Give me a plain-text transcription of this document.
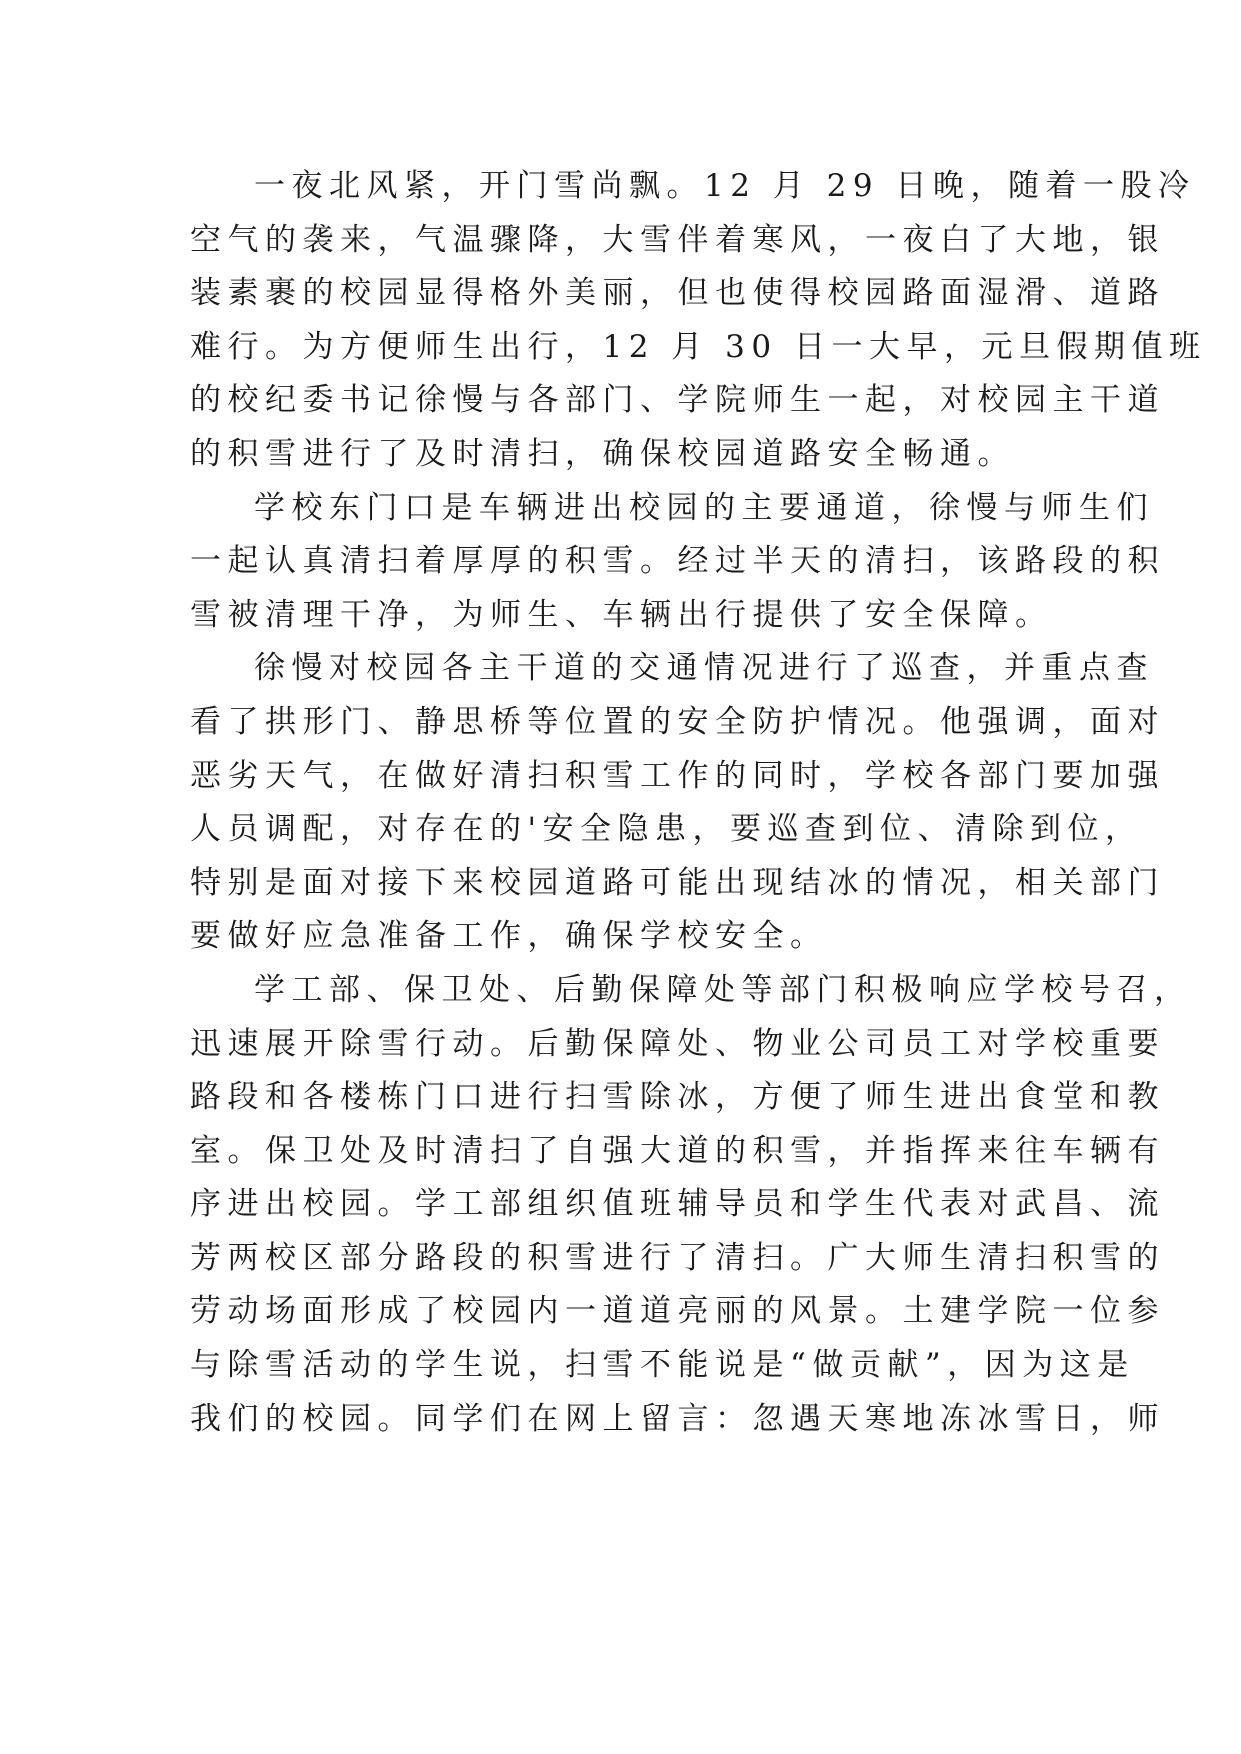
一夜北风紧，开门雪尚飘。12 月 29 日晚，随着一股冷
空气的袭来，气温骤降，大雪伴着寒风，一夜白了大地，银
装素裹的校园显得格外美丽，但也使得校园路面湿滑、道路
难行。为方便师生出行，12 月 30 日一大早，元旦假期值班
的校纪委书记徐慢与各部门、学院师生一起，对校园主干道
的积雪进行了及时清扫，确保校园道路安全畅通。
学校东门口是车辆进出校园的主要通道，徐慢与师生们
一起认真清扫着厚厚的积雪。经过半天的清扫，该路段的积
雪被清理干净，为师生、车辆出行提供了安全保障。
徐慢对校园各主干道的交通情况进行了巡查，并重点查
看了拱形门、静思桥等位置的安全防护情况。他强调，面对
恶劣天气，在做好清扫积雪工作的同时，学校各部门要加强
人员调配，对存在的'安全隐患，要巡查到位、清除到位，
特别是面对接下来校园道路可能出现结冰的情况，相关部门
要做好应急准备工作，确保学校安全。
学工部、保卫处、后勤保障处等部门积极响应学校号召，
迅速展开除雪行动。后勤保障处、物业公司员工对学校重要
路段和各楼栋门口进行扫雪除冰，方便了师生进出食堂和教
室。保卫处及时清扫了自强大道的积雪，并指挥来往车辆有
序进出校园。学工部组织值班辅导员和学生代表对武昌、流
芳两校区部分路段的积雪进行了清扫。广大师生清扫积雪的
劳动场面形成了校园内一道道亮丽的风景。土建学院一位参
与除雪活动的学生说，扫雪不能说是“做贡献”，因为这是
我们的校园。同学们在网上留言：忽遇天寒地冻冰雪日，师
